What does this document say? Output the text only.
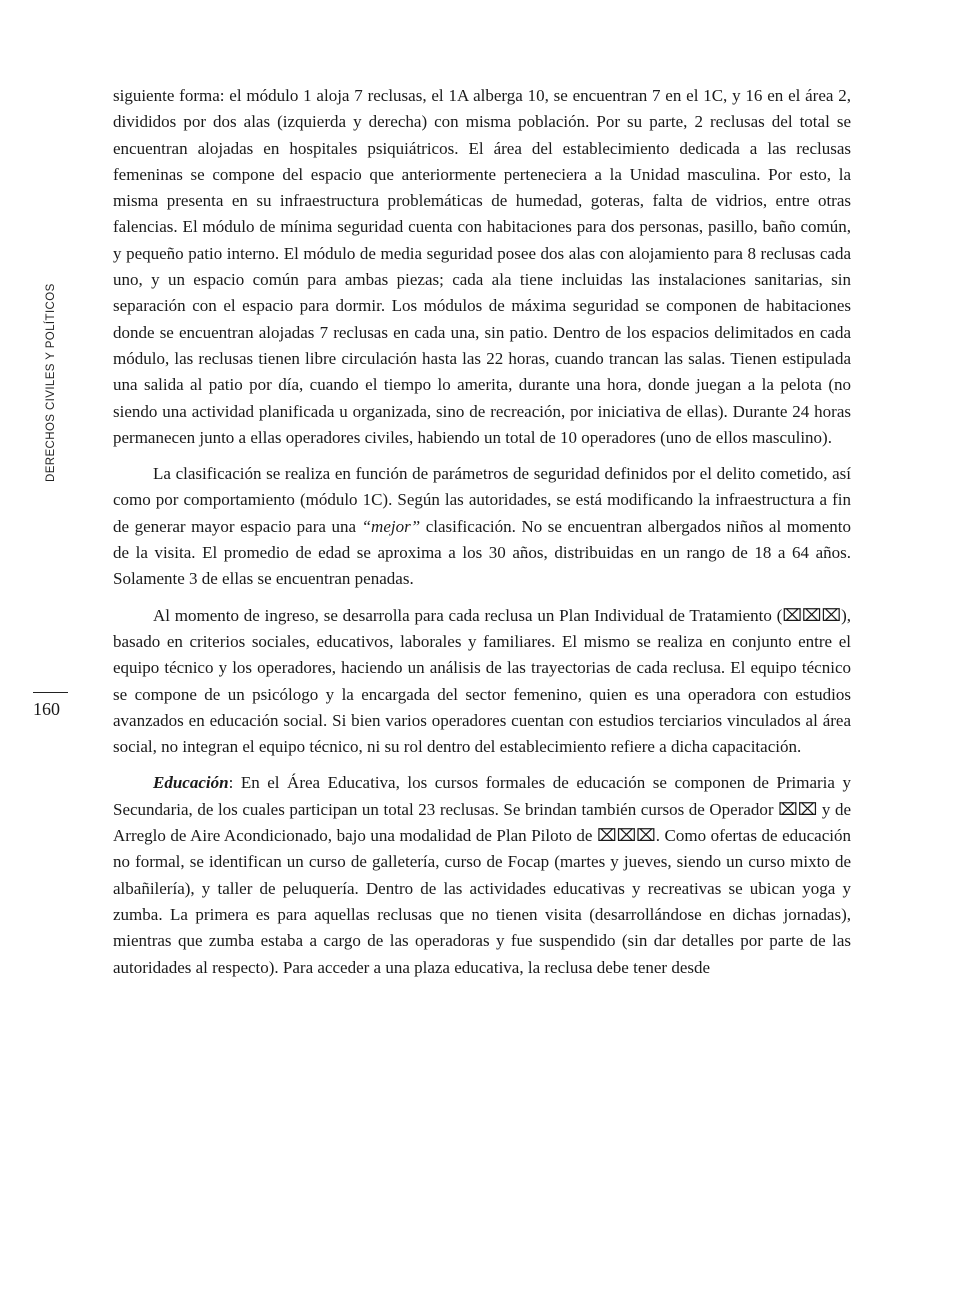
DERECHOS CIVILES Y POLÍTICOS
160

siguiente forma: el módulo 1 aloja 7 reclusas, el 1A alberga 10, se encuentran 7 en el 1C, y 16 en el área 2, divididos por dos alas (izquierda y derecha) con misma población. Por su parte, 2 reclusas del total se encuentran alojadas en hospitales psiquiátricos. El área del establecimiento dedicada a las reclusas femeninas se compone del espacio que anteriormente perteneciera a la Unidad masculina. Por esto, la misma presenta en su infraestructura problemáticas de humedad, goteras, falta de vidrios, entre otras falencias. El módulo de mínima seguridad cuenta con habitaciones para dos personas, pasillo, baño común, y pequeño patio interno. El módulo de media seguridad posee dos alas con alojamiento para 8 reclusas cada uno, y un espacio común para ambas piezas; cada ala tiene incluidas las instalaciones sanitarias, sin separación con el espacio para dormir. Los módulos de máxima seguridad se componen de habitaciones donde se encuentran alojadas 7 reclusas en cada una, sin patio. Dentro de los espacios delimitados en cada módulo, las reclusas tienen libre circulación hasta las 22 horas, cuando trancan las salas. Tienen estipulada una salida al patio por día, cuando el tiempo lo amerita, durante una hora, donde juegan a la pelota (no siendo una actividad planificada u organizada, sino de recreación, por iniciativa de ellas). Durante 24 horas permanecen junto a ellas operadores civiles, habiendo un total de 10 operadores (uno de ellos masculino).

La clasificación se realiza en función de parámetros de seguridad definidos por el delito cometido, así como por comportamiento (módulo 1C). Según las autoridades, se está modificando la infraestructura a fin de generar mayor espacio para una “mejor” clasificación. No se encuentran albergados niños al momento de la visita. El promedio de edad se aproxima a los 30 años, distribuidas en un rango de 18 a 64 años. Solamente 3 de ellas se encuentran penadas.

Al momento de ingreso, se desarrolla para cada reclusa un Plan Individual de Tratamiento (⌧⌧⌧), basado en criterios sociales, educativos, laborales y familiares. El mismo se realiza en conjunto entre el equipo técnico y los operadores, haciendo un análisis de las trayectorias de cada reclusa. El equipo técnico se compone de un psicólogo y la encargada del sector femenino, quien es una operadora con estudios avanzados en educación social. Si bien varios operadores cuentan con estudios terciarios vinculados al área social, no integran el equipo técnico, ni su rol dentro del establecimiento refiere a dicha capacitación.

Educación: En el Área Educativa, los cursos formales de educación se componen de Primaria y Secundaria, de los cuales participan un total 23 reclusas. Se brindan también cursos de Operador ⌧⌧ y de Arreglo de Aire Acondicionado, bajo una modalidad de Plan Piloto de ⌧⌧⌧. Como ofertas de educación no formal, se identifican un curso de galletería, curso de Focap (martes y jueves, siendo un curso mixto de albañilería), y taller de peluquería. Dentro de las actividades educativas y recreativas se ubican yoga y zumba. La primera es para aquellas reclusas que no tienen visita (desarrollándose en dichas jornadas), mientras que zumba estaba a cargo de las operadoras y fue suspendido (sin dar detalles por parte de las autoridades al respecto). Para acceder a una plaza educativa, la reclusa debe tener desde
